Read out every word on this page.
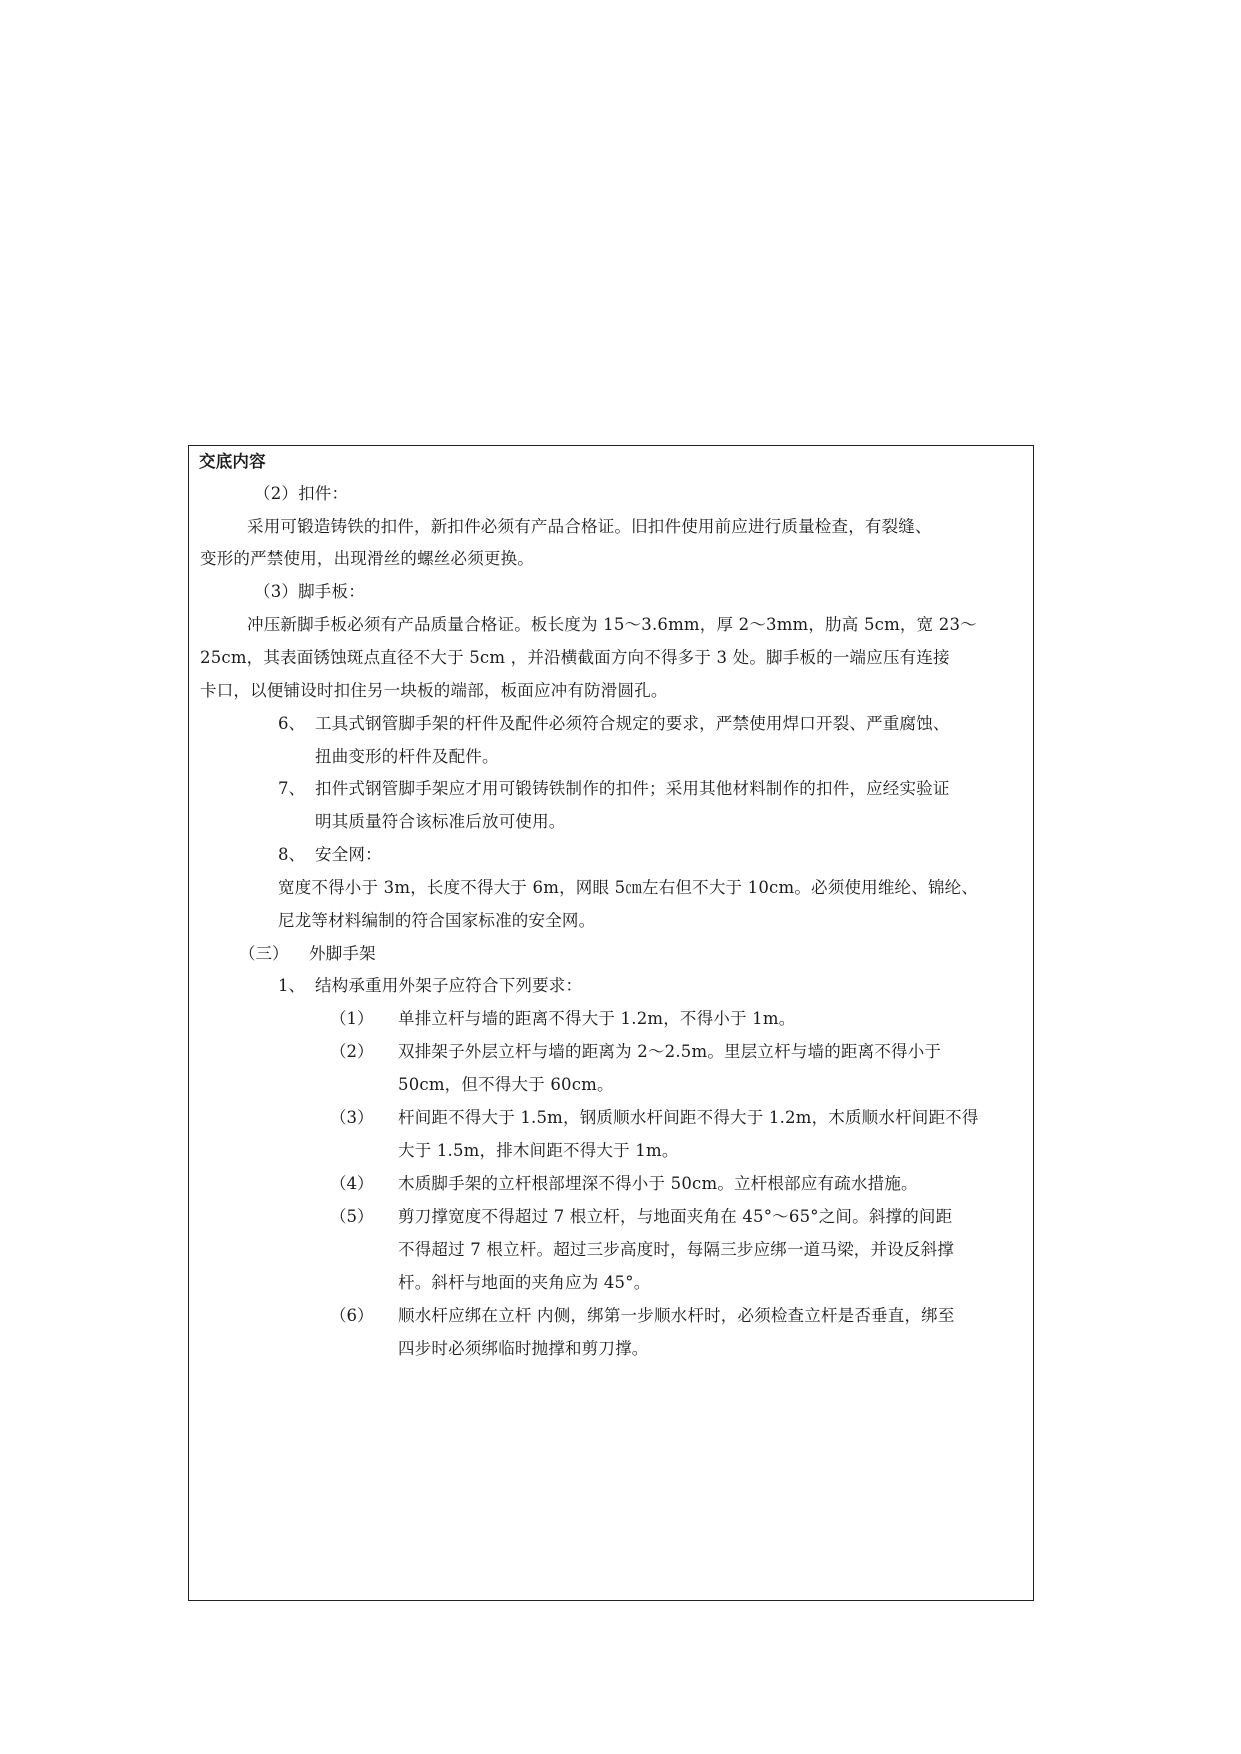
交底内容
（2）扣件：
采用可锻造铸铁的扣件，新扣件必须有产品合格证。旧扣件使用前应进行质量检查，有裂缝、
变形的严禁使用，出现滑丝的螺丝必须更换。
（3）脚手板：
冲压新脚手板必须有产品质量合格证。板长度为 15～3.6mm，厚 2～3mm，肋高 5cm，宽 23～
25cm，其表面锈蚀斑点直径不大于 5cm ，并沿横截面方向不得多于 3 处。脚手板的一端应压有连接
卡口，以便铺设时扣住另一块板的端部，板面应冲有防滑圆孔。
6、 工具式钢管脚手架的杆件及配件必须符合规定的要求，严禁使用焊口开裂、严重腐蚀、
扭曲变形的杆件及配件。
7、 扣件式钢管脚手架应才用可锻铸铁制作的扣件；采用其他材料制作的扣件，应经实验证
明其质量符合该标准后放可使用。
8、 安全网：
宽度不得小于 3m，长度不得大于 6m，网眼 5㎝左右但不大于 10cm。必须使用维纶、锦纶、
尼龙等材料编制的符合国家标准的安全网。
（三） 外脚手架
1、 结构承重用外架子应符合下列要求：
（1） 单排立杆与墙的距离不得大于 1.2m，不得小于 1m。
（2） 双排架子外层立杆与墙的距离为 2～2.5m。里层立杆与墙的距离不得小于
50cm，但不得大于 60cm。
（3） 杆间距不得大于 1.5m，钢质顺水杆间距不得大于 1.2m，木质顺水杆间距不得
大于 1.5m，排木间距不得大于 1m。
（4） 木质脚手架的立杆根部埋深不得小于 50cm。立杆根部应有疏水措施。
（5） 剪刀撑宽度不得超过 7 根立杆，与地面夹角在 45°～65°之间。斜撑的间距
不得超过 7 根立杆。超过三步高度时，每隔三步应绑一道马梁，并设反斜撑
杆。斜杆与地面的夹角应为 45°。
（6） 顺水杆应绑在立杆 内侧，绑第一步顺水杆时，必须检查立杆是否垂直，绑至
四步时必须绑临时抛撑和剪刀撑。
